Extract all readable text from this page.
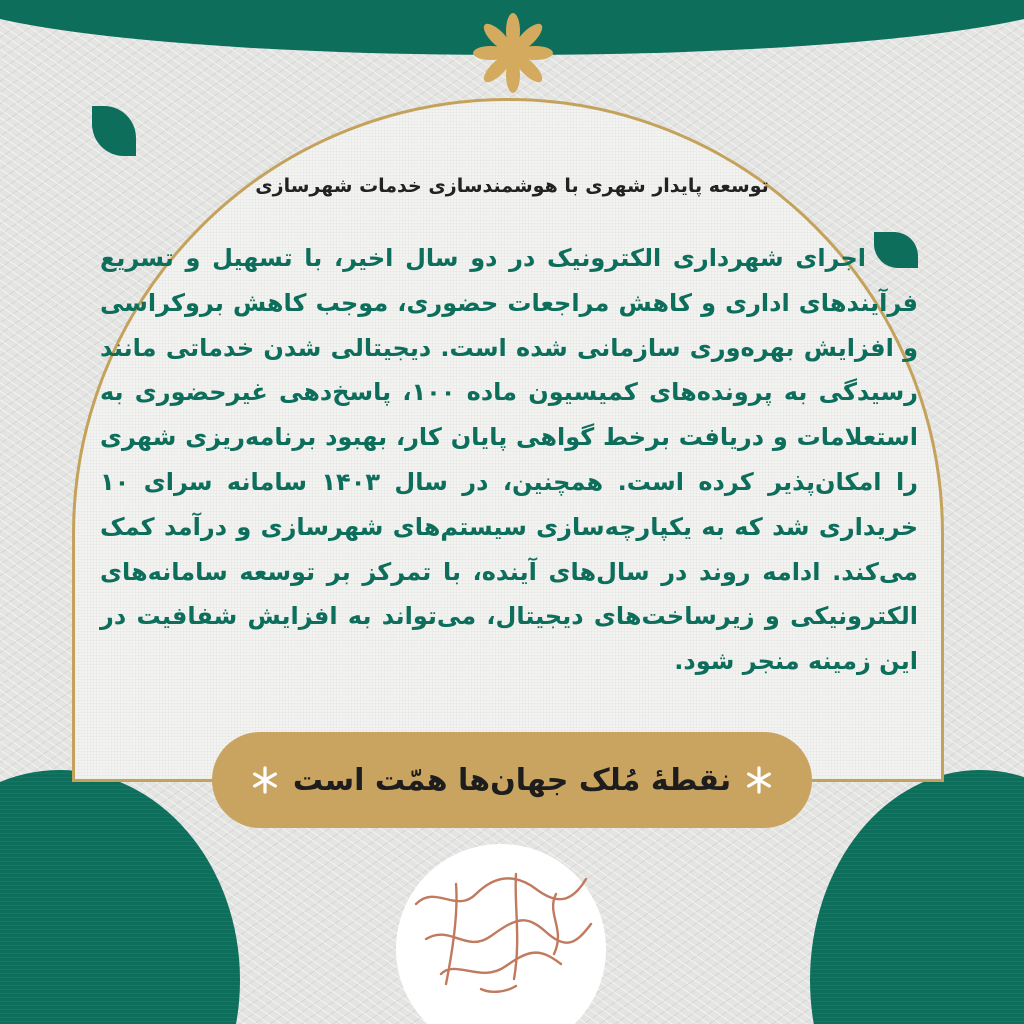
توسعه پایدار شهری با هوشمندسازی خدمات شهرسازی

اجرای شهرداری الکترونیک در دو سال اخیر، با تسهیل و تسریع فرآیندهای اداری و کاهش مراجعات حضوری، موجب کاهش بروکراسی و افزایش بهره‌وری سازمانی شده است. دیجیتالی شدن خدماتی مانند رسیدگی به پرونده‌های کمیسیون ماده ۱۰۰، پاسخ‌دهی غیرحضوری به استعلامات و دریافت برخط گواهی پایان کار، بهبود برنامه‌ریزی شهری را امکان‌پذیر کرده است. همچنین، در سال ۱۴۰۳ سامانه سرای ۱۰ خریداری شد که به یکپارچه‌سازی سیستم‌های شهرسازی و درآمد کمک می‌کند. ادامه روند در سال‌های آینده، با تمرکز بر توسعه سامانه‌های الکترونیکی و زیرساخت‌های دیجیتال، می‌تواند به افزایش شفافیت در این زمینه منجر شود.

نقطهٔ مُلک جهان‌ها همّت است
